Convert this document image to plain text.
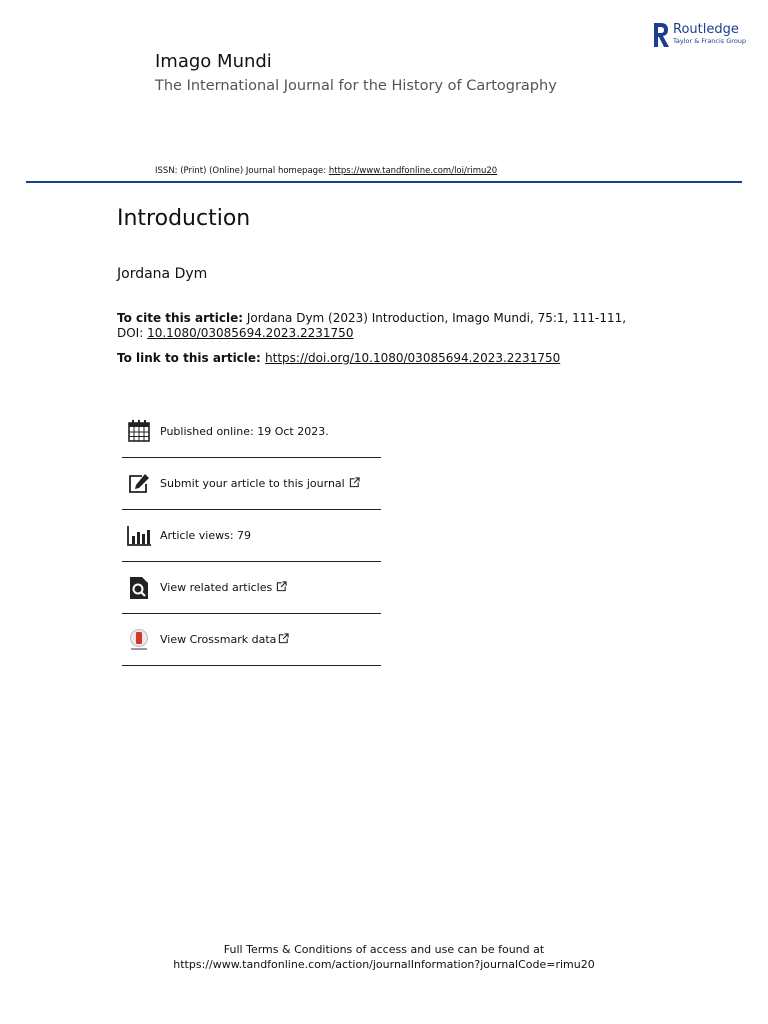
Imago Mundi
The International Journal for the History of Cartography
Routledge
Taylor & Francis Group
ISSN: (Print) (Online) Journal homepage: https://www.tandfonline.com/loi/rimu20
Introduction
Jordana Dym
To cite this article: Jordana Dym (2023) Introduction, Imago Mundi, 75:1, 111-111, DOI: 10.1080/03085694.2023.2231750
To link to this article: https://doi.org/10.1080/03085694.2023.2231750
Published online: 19 Oct 2023.
Submit your article to this journal
Article views: 79
View related articles
View Crossmark data
Full Terms & Conditions of access and use can be found at
https://www.tandfonline.com/action/journalInformation?journalCode=rimu20
